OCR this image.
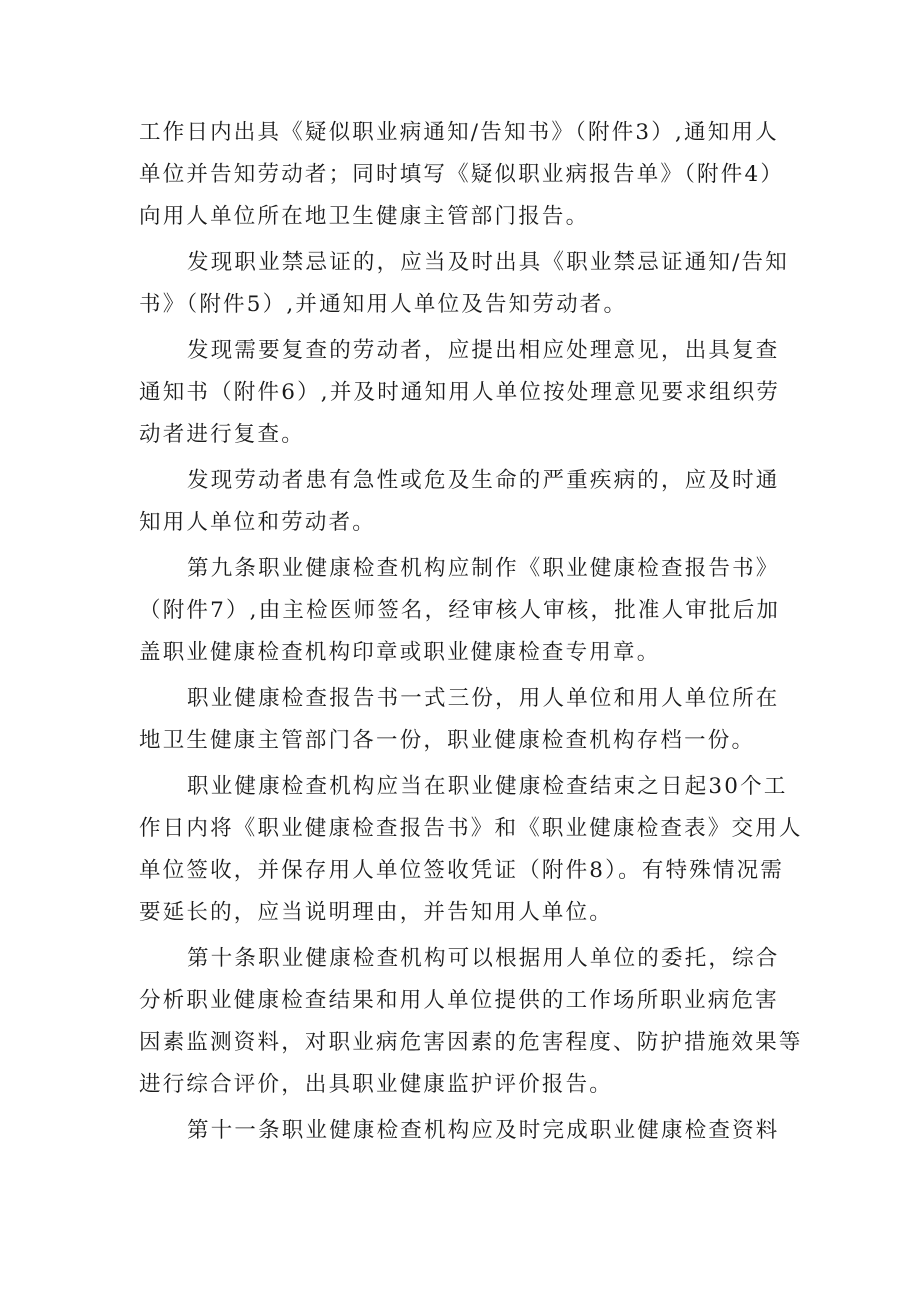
工作日内出具《疑似职业病通知/告知书》（附件3）,通知用人
单位并告知劳动者；同时填写《疑似职业病报告单》（附件4）
向用人单位所在地卫生健康主管部门报告。
发现职业禁忌证的，应当及时出具《职业禁忌证通知/告知
书》（附件5）,并通知用人单位及告知劳动者。
发现需要复查的劳动者，应提出相应处理意见，出具复查
通知书（附件6）,并及时通知用人单位按处理意见要求组织劳
动者进行复查。
发现劳动者患有急性或危及生命的严重疾病的，应及时通
知用人单位和劳动者。
第九条职业健康检查机构应制作《职业健康检查报告书》
（附件7）,由主检医师签名，经审核人审核，批准人审批后加
盖职业健康检查机构印章或职业健康检查专用章。
职业健康检查报告书一式三份，用人单位和用人单位所在
地卫生健康主管部门各一份，职业健康检查机构存档一份。
职业健康检查机构应当在职业健康检查结束之日起30个工
作日内将《职业健康检查报告书》和《职业健康检查表》交用人
单位签收，并保存用人单位签收凭证（附件8）。有特殊情况需
要延长的，应当说明理由，并告知用人单位。
第十条职业健康检查机构可以根据用人单位的委托，综合
分析职业健康检查结果和用人单位提供的工作场所职业病危害
因素监测资料，对职业病危害因素的危害程度、防护措施效果等
进行综合评价，出具职业健康监护评价报告。
第十一条职业健康检查机构应及时完成职业健康检查资料
